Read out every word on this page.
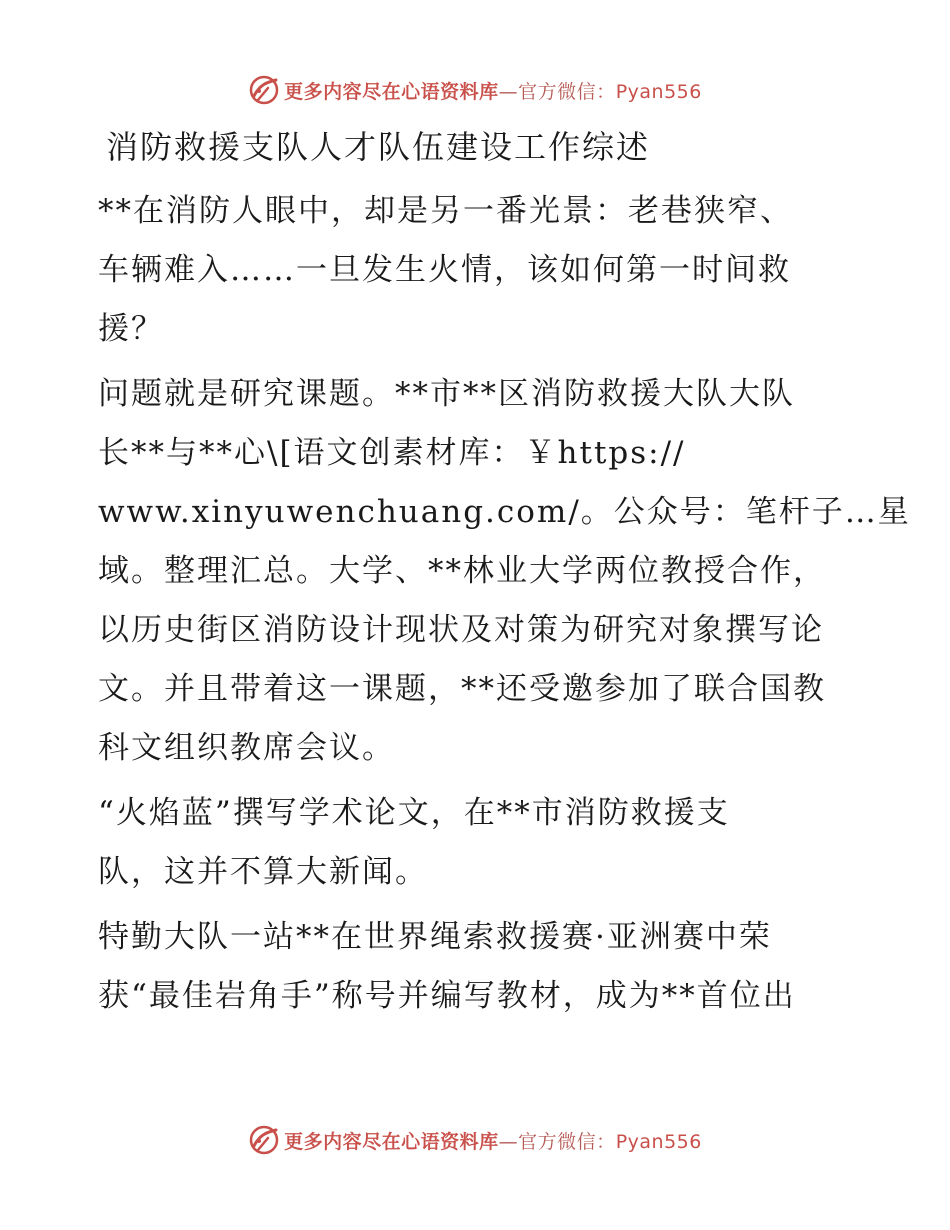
更多内容尽在心语资料库—官方微信：Pyan556
消防救援支队人才队伍建设工作综述

**在消防人眼中，却是另一番光景：老巷狭窄、
车辆难入……一旦发生火情，该如何第一时间救
援？

问题就是研究课题。**市**区消防救援大队大队
长**与**心\[语文创素材库：￥https://
www.xinyuwenchuang.com/。公众号：笔杆子…星
域。整理汇总。大学、**林业大学两位教授合作，
以历史街区消防设计现状及对策为研究对象撰写论
文。并且带着这一课题，**还受邀参加了联合国教
科文组织教席会议。

“火焰蓝”撰写学术论文，在**市消防救援支
队，这并不算大新闻。

特勤大队一站**在世界绳索救援赛·亚洲赛中荣
获“最佳岩角手”称号并编写教材，成为**首位出

更多内容尽在心语资料库—官方微信：Pyan556
